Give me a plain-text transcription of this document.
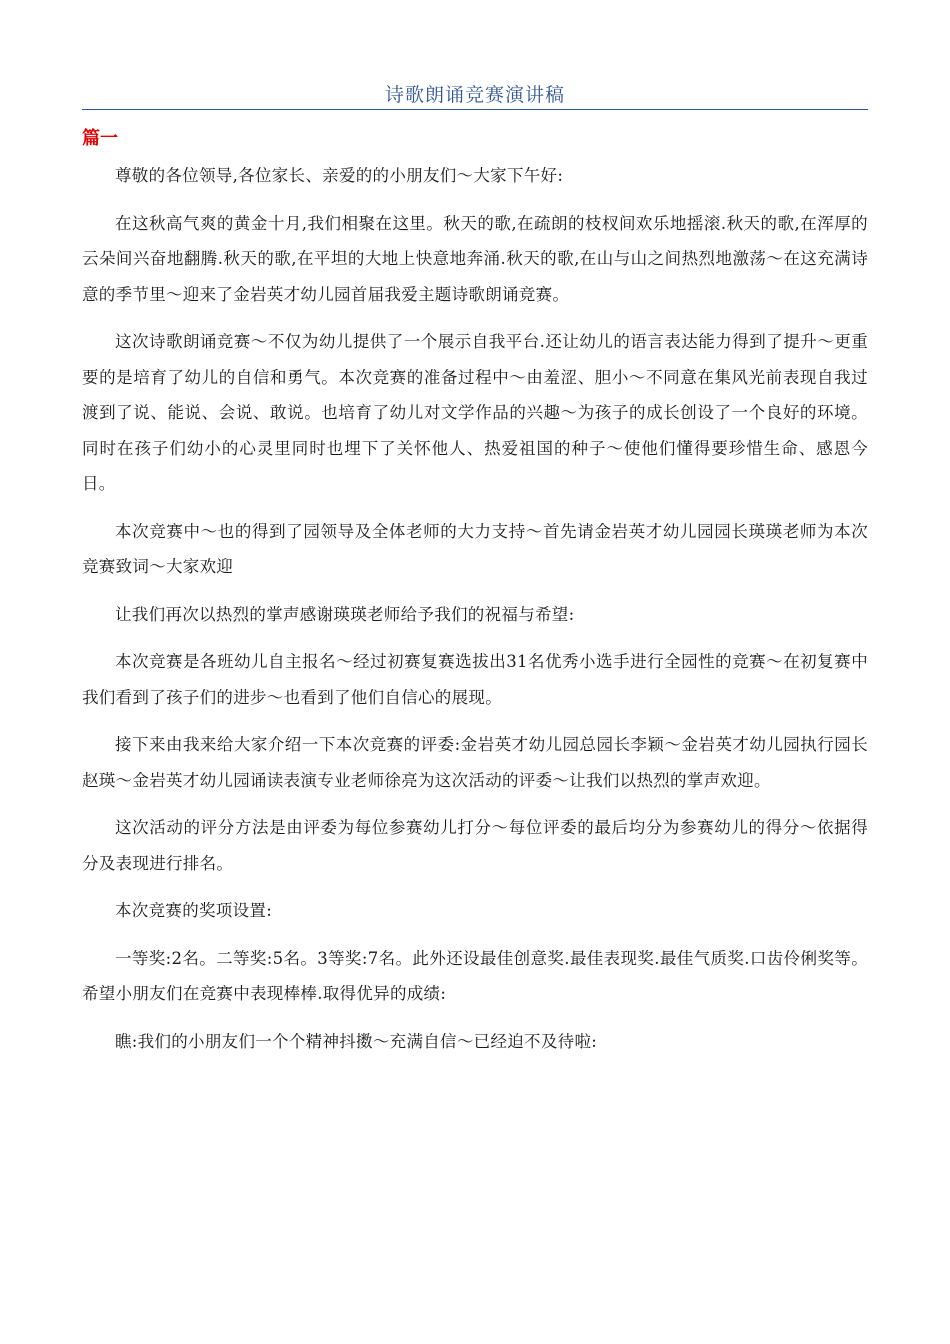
诗歌朗诵竞赛演讲稿
篇一

尊敬的各位领导,各位家长、亲爱的的小朋友们～大家下午好:

在这秋高气爽的黄金十月,我们相聚在这里。秋天的歌,在疏朗的枝杈间欢乐地摇滚.秋天的歌,在浑厚的云朵间兴奋地翻腾.秋天的歌,在平坦的大地上快意地奔涌.秋天的歌,在山与山之间热烈地激荡～在这充满诗意的季节里～迎来了金岩英才幼儿园首届我爱主题诗歌朗诵竞赛。

这次诗歌朗诵竞赛～不仅为幼儿提供了一个展示自我平台.还让幼儿的语言表达能力得到了提升～更重要的是培育了幼儿的自信和勇气。本次竞赛的准备过程中～由羞涩、胆小～不同意在集风光前表现自我过渡到了说、能说、会说、敢说。也培育了幼儿对文学作品的兴趣～为孩子的成长创设了一个良好的环境。同时在孩子们幼小的心灵里同时也埋下了关怀他人、热爱祖国的种子～使他们懂得要珍惜生命、感恩今日。

本次竞赛中～也的得到了园领导及全体老师的大力支持～首先请金岩英才幼儿园园长瑛瑛老师为本次竞赛致词～大家欢迎

让我们再次以热烈的掌声感谢瑛瑛老师给予我们的祝福与希望:

本次竞赛是各班幼儿自主报名～经过初赛复赛选拔出31名优秀小选手进行全园性的竞赛～在初复赛中我们看到了孩子们的进步～也看到了他们自信心的展现。

接下来由我来给大家介绍一下本次竞赛的评委:金岩英才幼儿园总园长李颖～金岩英才幼儿园执行园长赵瑛～金岩英才幼儿园诵读表演专业老师徐亮为这次活动的评委～让我们以热烈的掌声欢迎。

这次活动的评分方法是由评委为每位参赛幼儿打分～每位评委的最后均分为参赛幼儿的得分～依据得分及表现进行排名。

本次竞赛的奖项设置:

一等奖:2名。二等奖:5名。3等奖:7名。此外还设最佳创意奖.最佳表现奖.最佳气质奖.口齿伶俐奖等。希望小朋友们在竞赛中表现棒棒.取得优异的成绩:

瞧:我们的小朋友们一个个精神抖擞～充满自信～已经迫不及待啦:
